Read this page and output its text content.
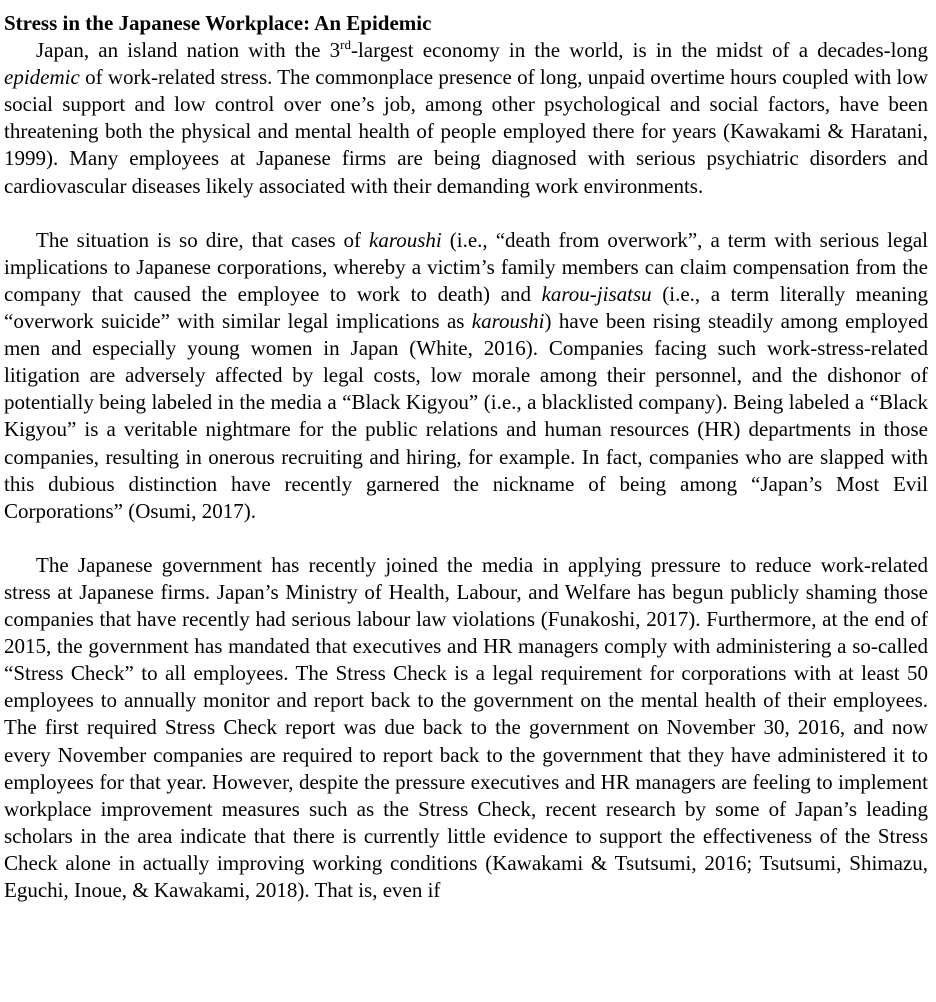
Stress in the Japanese Workplace: An Epidemic

Japan, an island nation with the 3rd-largest economy in the world, is in the midst of a decades-long epidemic of work-related stress. The commonplace presence of long, unpaid overtime hours coupled with low social support and low control over one’s job, among other psychological and social factors, have been threatening both the physical and mental health of people employed there for years (Kawakami & Haratani, 1999). Many employees at Japanese firms are being diagnosed with serious psychiatric disorders and cardiovascular diseases likely associated with their demanding work environments.

The situation is so dire, that cases of karoushi (i.e., “death from overwork”, a term with serious legal implications to Japanese corporations, whereby a victim’s family members can claim compensation from the company that caused the employee to work to death) and karou-jisatsu (i.e., a term literally meaning “overwork suicide” with similar legal implications as karoushi) have been rising steadily among employed men and especially young women in Japan (White, 2016). Companies facing such work-stress-related litigation are adversely affected by legal costs, low morale among their personnel, and the dishonor of potentially being labeled in the media a “Black Kigyou” (i.e., a blacklisted company). Being labeled a “Black Kigyou” is a veritable nightmare for the public relations and human resources (HR) departments in those companies, resulting in onerous recruiting and hiring, for example. In fact, companies who are slapped with this dubious distinction have recently garnered the nickname of being among “Japan’s Most Evil Corporations” (Osumi, 2017).

The Japanese government has recently joined the media in applying pressure to reduce work-related stress at Japanese firms. Japan’s Ministry of Health, Labour, and Welfare has begun publicly shaming those companies that have recently had serious labour law violations (Funakoshi, 2017). Furthermore, at the end of 2015, the government has mandated that executives and HR managers comply with administering a so-called “Stress Check” to all employees. The Stress Check is a legal requirement for corporations with at least 50 employees to annually monitor and report back to the government on the mental health of their employees. The first required Stress Check report was due back to the government on November 30, 2016, and now every November companies are required to report back to the government that they have administered it to employees for that year. However, despite the pressure executives and HR managers are feeling to implement workplace improvement measures such as the Stress Check, recent research by some of Japan’s leading scholars in the area indicate that there is currently little evidence to support the effectiveness of the Stress Check alone in actually improving working conditions (Kawakami & Tsutsumi, 2016; Tsutsumi, Shimazu, Eguchi, Inoue, & Kawakami, 2018). That is, even if
